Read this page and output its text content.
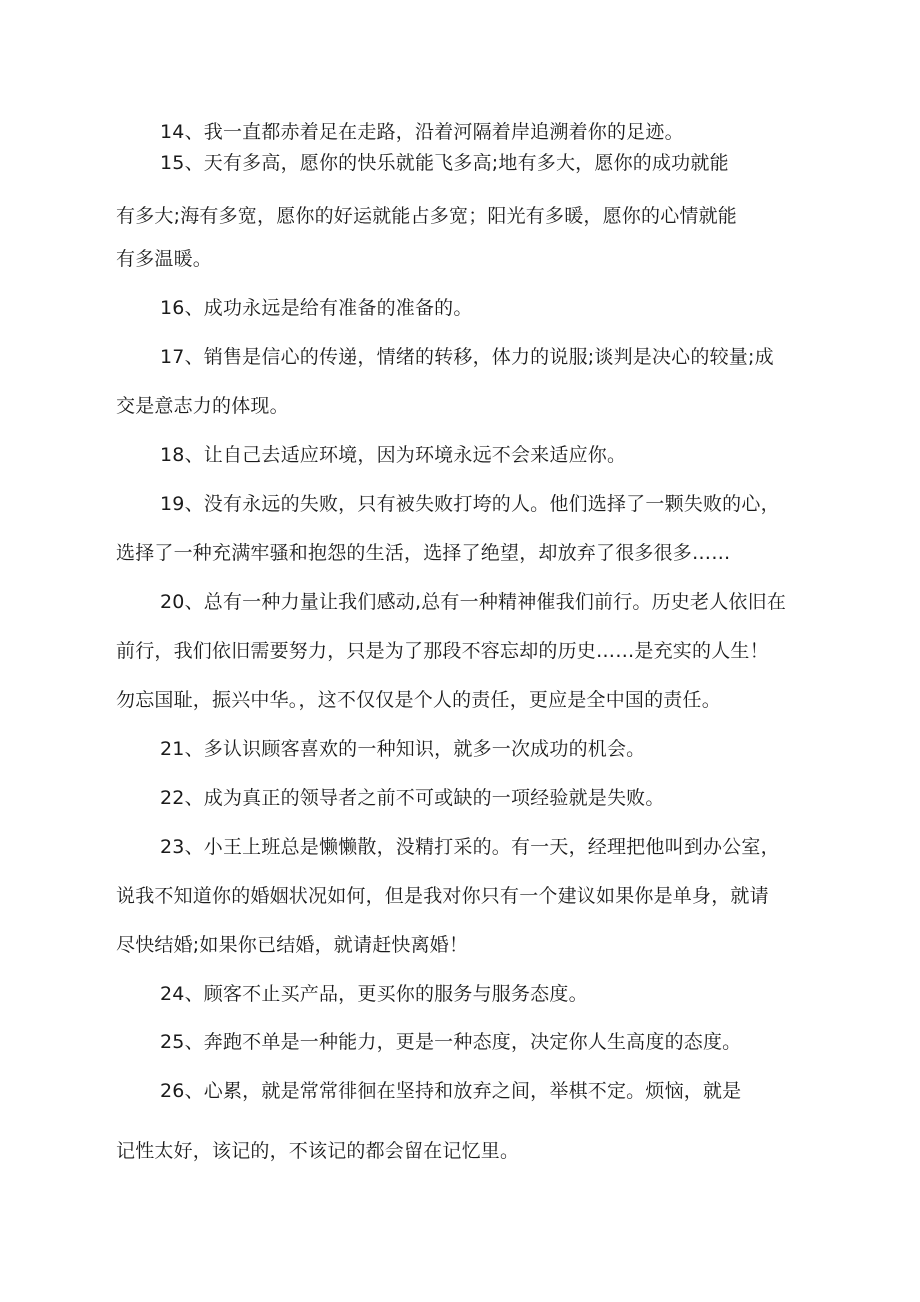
14、我一直都赤着足在走路，沿着河隔着岸追溯着你的足迹。
15、天有多高，愿你的快乐就能飞多高;地有多大，愿你的成功就能
有多大;海有多宽，愿你的好运就能占多宽；阳光有多暖，愿你的心情就能
有多温暖。
16、成功永远是给有准备的准备的。
17、销售是信心的传递，情绪的转移，体力的说服;谈判是决心的较量;成
交是意志力的体现。
18、让自己去适应环境，因为环境永远不会来适应你。
19、没有永远的失败，只有被失败打垮的人。他们选择了一颗失败的心，
选择了一种充满牢骚和抱怨的生活，选择了绝望，却放弃了很多很多……
20、总有一种力量让我们感动,总有一种精神催我们前行。历史老人依旧在
前行，我们依旧需要努力，只是为了那段不容忘却的历史……是充实的人生！
勿忘国耻，振兴中华。，这不仅仅是个人的责任，更应是全中国的责任。
21、多认识顾客喜欢的一种知识，就多一次成功的机会。
22、成为真正的领导者之前不可或缺的一项经验就是失败。
23、小王上班总是懒懒散，没精打采的。有一天，经理把他叫到办公室，
说我不知道你的婚姻状况如何，但是我对你只有一个建议如果你是单身，就请
尽快结婚;如果你已结婚，就请赶快离婚！
24、顾客不止买产品，更买你的服务与服务态度。
25、奔跑不单是一种能力，更是一种态度，决定你人生高度的态度。
26、心累，就是常常徘徊在坚持和放弃之间，举棋不定。烦恼，就是
记性太好，该记的，不该记的都会留在记忆里。
